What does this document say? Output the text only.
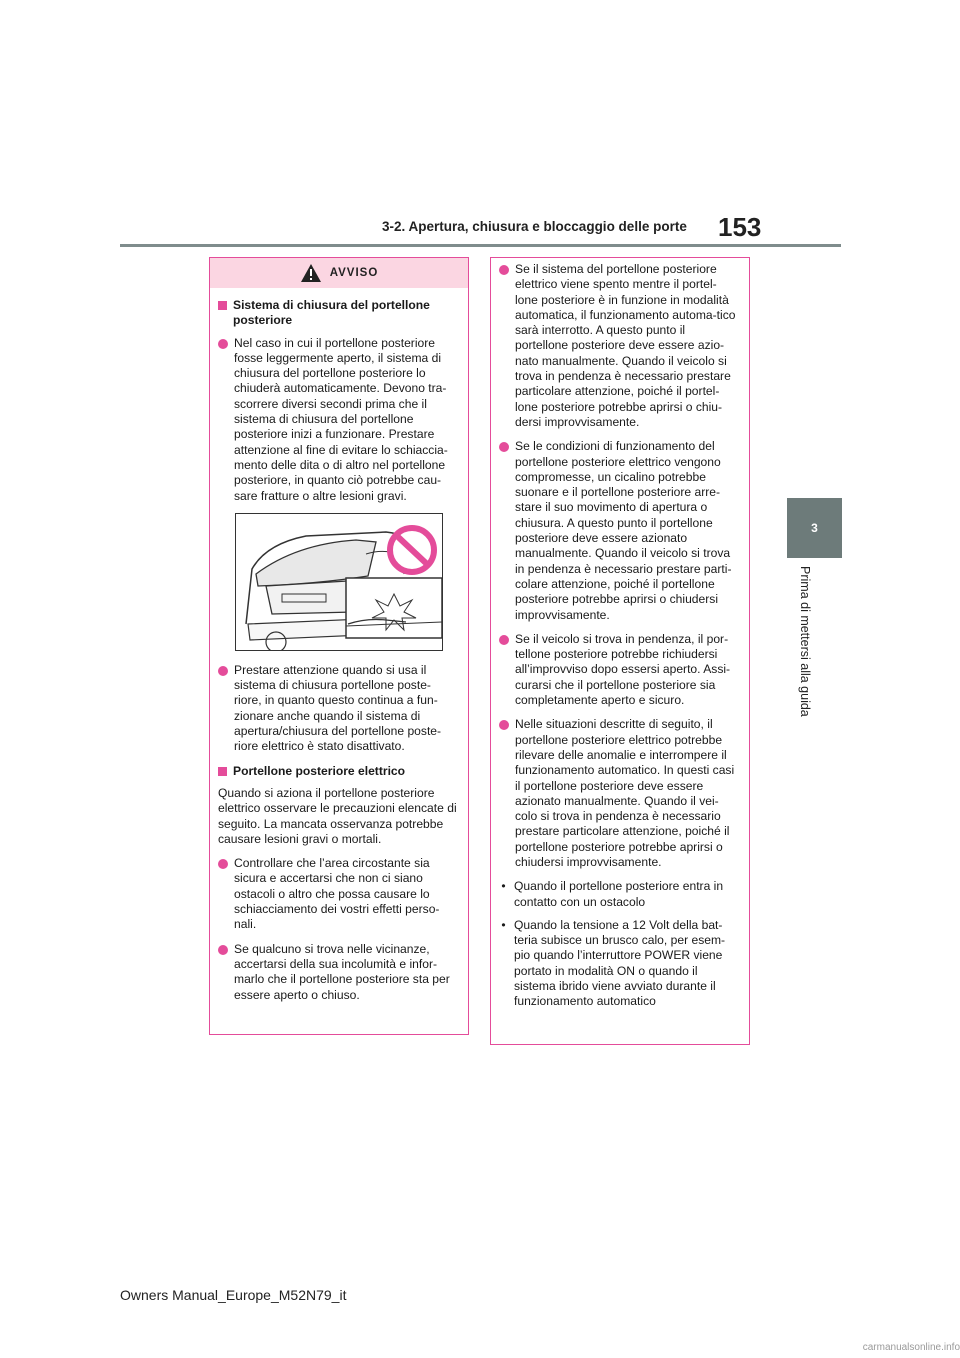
153
3-2. Apertura, chiusura e bloccaggio delle porte
3
Prima di mettersi alla guida
AVVISO
Sistema di chiusura del portellone posteriore
Nel caso in cui il portellone posteriore fosse leggermente aperto, il sistema di chiusura del portellone posteriore lo chiuderà automaticamente. Devono tra-scorrere diversi secondi prima che il sistema di chiusura del portellone posteriore inizi a funzionare. Prestare attenzione al fine di evitare lo schiaccia-mento delle dita o di altro nel portellone posteriore, in quanto ciò potrebbe cau-sare fratture o altre lesioni gravi.
Prestare attenzione quando si usa il sistema di chiusura portellone poste-riore, in quanto questo continua a fun-zionare anche quando il sistema di apertura/chiusura del portellone poste-riore elettrico è stato disattivato.
Portellone posteriore elettrico
Quando si aziona il portellone posteriore elettrico osservare le precauzioni elencate di seguito. La mancata osservanza potrebbe causare lesioni gravi o mortali.
Controllare che l’area circostante sia sicura e accertarsi che non ci siano ostacoli o altro che possa causare lo schiacciamento dei vostri effetti perso-nali.
Se qualcuno si trova nelle vicinanze, accertarsi della sua incolumità e infor-marlo che il portellone posteriore sta per essere aperto o chiuso.
Se il sistema del portellone posteriore elettrico viene spento mentre il portel-lone posteriore è in funzione in modalità automatica, il funzionamento automa-tico sarà interrotto. A questo punto il portellone posteriore deve essere azio-nato manualmente. Quando il veicolo si trova in pendenza è necessario prestare particolare attenzione, poiché il portel-lone posteriore potrebbe aprirsi o chiu-dersi improvvisamente.
Se le condizioni di funzionamento del portellone posteriore elettrico vengono compromesse, un cicalino potrebbe suonare e il portellone posteriore arre-stare il suo movimento di apertura o chiusura. A questo punto il portellone posteriore deve essere azionato manualmente. Quando il veicolo si trova in pendenza è necessario prestare parti-colare attenzione, poiché il portellone posteriore potrebbe aprirsi o chiudersi improvvisamente.
Se il veicolo si trova in pendenza, il por-tellone posteriore potrebbe richiudersi all’improvviso dopo essersi aperto. Assi-curarsi che il portellone posteriore sia completamente aperto e sicuro.
Nelle situazioni descritte di seguito, il portellone posteriore elettrico potrebbe rilevare delle anomalie e interrompere il funzionamento automatico. In questi casi il portellone posteriore deve essere azionato manualmente. Quando il vei-colo si trova in pendenza è necessario prestare particolare attenzione, poiché il portellone posteriore potrebbe aprirsi o chiudersi improvvisamente.
• Quando il portellone posteriore entra in contatto con un ostacolo
• Quando la tensione a 12 Volt della bat-teria subisce un brusco calo, per esem-pio quando l’interruttore POWER viene portato in modalità ON o quando il sistema ibrido viene avviato durante il funzionamento automatico
Owners Manual_Europe_M52N79_it
carmanualsonline.info
